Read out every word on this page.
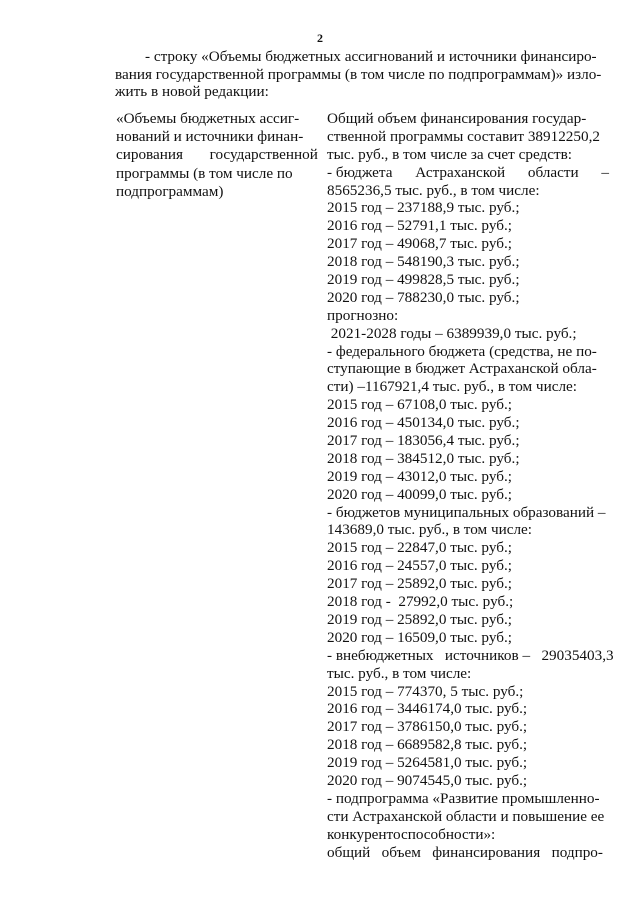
2
- строку «Объемы бюджетных ассигнований и источники финансиро-
вания государственной программы (в том числе по подпрограммам)» изло-
жить в новой редакции:
«Объемы бюджетных ассиг-
нований и источники финан-
сирования       государственной
программы (в том числе по
подпрограммам)
Общий объем финансирования государ-
ственной программы составит 38912250,2
тыс. руб., в том числе за счет средств:
- бюджета      Астраханской      области      –
8565236,5 тыс. руб., в том числе:
2015 год – 237188,9 тыс. руб.;
2016 год – 52791,1 тыс. руб.;
2017 год – 49068,7 тыс. руб.;
2018 год – 548190,3 тыс. руб.;
2019 год – 499828,5 тыс. руб.;
2020 год – 788230,0 тыс. руб.;
прогнозно:
2021-2028 годы – 6389939,0 тыс. руб.;
- федерального бюджета (средства, не по-
ступающие в бюджет Астраханской обла-
сти) –1167921,4 тыс. руб., в том числе:
2015 год – 67108,0 тыс. руб.;
2016 год – 450134,0 тыс. руб.;
2017 год – 183056,4 тыс. руб.;
2018 год – 384512,0 тыс. руб.;
2019 год – 43012,0 тыс. руб.;
2020 год – 40099,0 тыс. руб.;
- бюджетов муниципальных образований –
143689,0 тыс. руб., в том числе:
2015 год – 22847,0 тыс. руб.;
2016 год – 24557,0 тыс. руб.;
2017 год – 25892,0 тыс. руб.;
2018 год -  27992,0 тыс. руб.;
2019 год – 25892,0 тыс. руб.;
2020 год – 16509,0 тыс. руб.;
- внебюджетных   источников –   29035403,3
тыс. руб., в том числе:
2015 год – 774370, 5 тыс. руб.;
2016 год – 3446174,0 тыс. руб.;
2017 год – 3786150,0 тыс. руб.;
2018 год – 6689582,8 тыс. руб.;
2019 год – 5264581,0 тыс. руб.;
2020 год – 9074545,0 тыс. руб.;
- подпрограмма «Развитие промышленно-
сти Астраханской области и повышение ее
конкурентоспособности»:
общий   объем   финансирования   подпро-
